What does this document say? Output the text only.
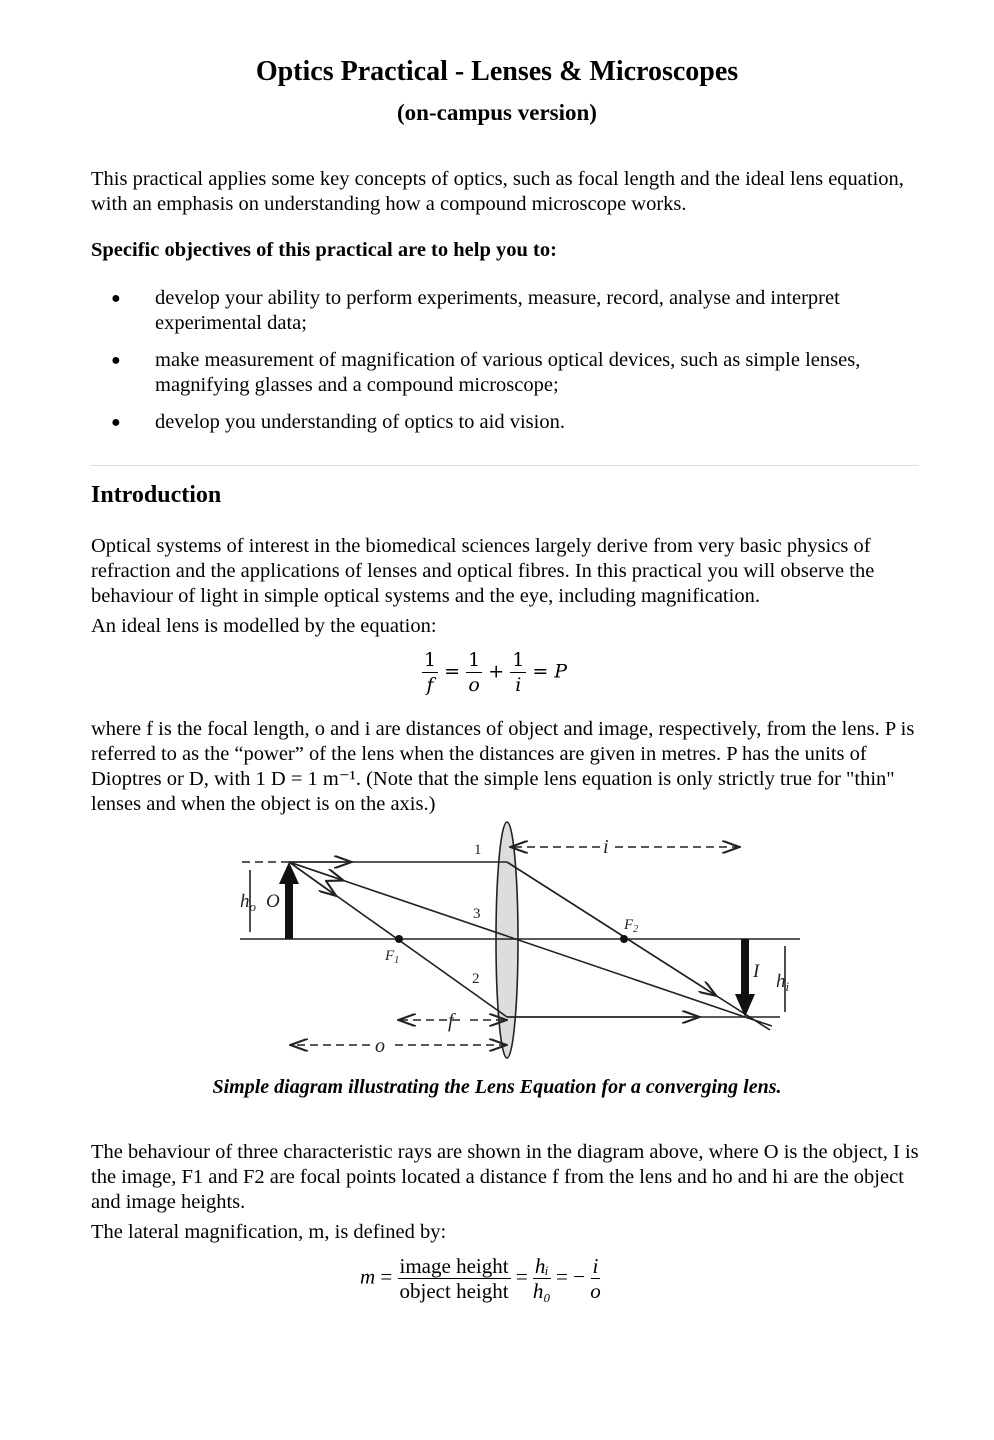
Optics Practical - Lenses & Microscopes
(on-campus version)
This practical applies some key concepts of optics, such as focal length and the ideal lens equation, with an emphasis on understanding how a compound microscope works.
Specific objectives of this practical are to help you to:
● develop your ability to perform experiments, measure, record, analyse and interpret experimental data;
● make measurement of magnification of various optical devices, such as simple lenses, magnifying glasses and a compound microscope;
● develop you understanding of optics to aid vision.
Introduction
Optical systems of interest in the biomedical sciences largely derive from very basic physics of refraction and the applications of lenses and optical fibres. In this practical you will observe the behaviour of light in simple optical systems and the eye, including magnification.
An ideal lens is modelled by the equation:
$\frac{1}{f} = \frac{1}{o} + \frac{1}{i} = P$
where f is the focal length, o and i are distances of object and image, respectively, from the lens. P is referred to as the “power” of the lens when the distances are given in metres. P has the units of Dioptres or D, with 1 D = 1 m⁻¹. (Note that the simple lens equation is only strictly true for "thin" lenses and when the object is on the axis.)
1
3
2
$h_o$ O
I $h_i$
$F_1$
$F_2$
f
o
i
Simple diagram illustrating the Lens Equation for a converging lens.
The behaviour of three characteristic rays are shown in the diagram above, where O is the object, I is the image, F1 and F2 are focal points located a distance f from the lens and ho and hi are the object and image heights.
The lateral magnification, m, is defined by:
$m = \frac{\text{image height}}{\text{object height}} = \frac{\text{hᵢ}}{\text{h₀}}$ = − $\frac{i}{o}$
